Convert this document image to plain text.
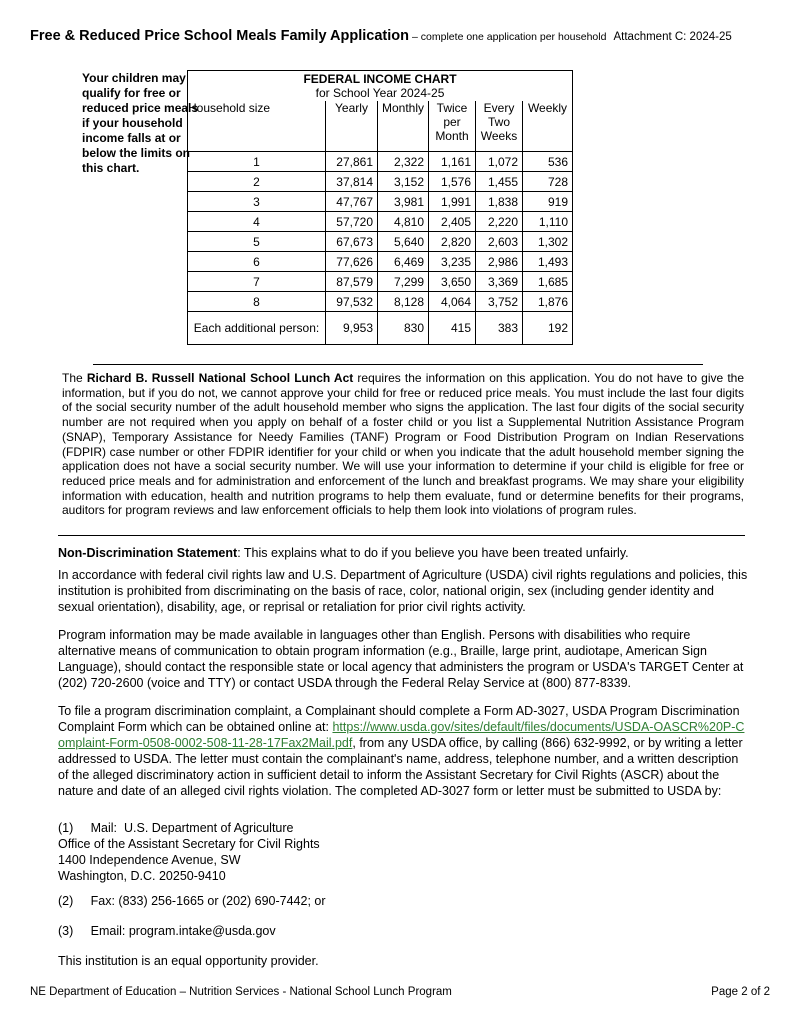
Free & Reduced Price School Meals Family Application – complete one application per household Attachment C: 2024-25
Your children may qualify for free or reduced price meals if your household income falls at or below the limits on this chart.
FEDERAL INCOME CHART
for School Year 2024-25					

Household size	Yearly	Monthly	Twice per Month	Every Two Weeks	Weekly
1	27,861	2,322	1,161	1,072	536
2	37,814	3,152	1,576	1,455	728
3	47,767	3,981	1,991	1,838	919
4	57,720	4,810	2,405	2,220	1,110
5	67,673	5,640	2,820	2,603	1,302
6	77,626	6,469	3,235	2,986	1,493
7	87,579	7,299	3,650	3,369	1,685
8	97,532	8,128	4,064	3,752	1,876
Each additional person:	9,953	830	415	383	192
The Richard B. Russell National School Lunch Act requires the information on this application. You do not have to give the information, but if you do not, we cannot approve your child for free or reduced price meals. You must include the last four digits of the social security number of the adult household member who signs the application. The last four digits of the social security number are not required when you apply on behalf of a foster child or you list a Supplemental Nutrition Assistance Program (SNAP), Temporary Assistance for Needy Families (TANF) Program or Food Distribution Program on Indian Reservations (FDPIR) case number or other FDPIR identifier for your child or when you indicate that the adult household member signing the application does not have a social security number. We will use your information to determine if your child is eligible for free or reduced price meals and for administration and enforcement of the lunch and breakfast programs. We may share your eligibility information with education, health and nutrition programs to help them evaluate, fund or determine benefits for their programs, auditors for program reviews and law enforcement officials to help them look into violations of program rules.
Non-Discrimination Statement: This explains what to do if you believe you have been treated unfairly.
In accordance with federal civil rights law and U.S. Department of Agriculture (USDA) civil rights regulations and policies, this institution is prohibited from discriminating on the basis of race, color, national origin, sex (including gender identity and sexual orientation), disability, age, or reprisal or retaliation for prior civil rights activity.
Program information may be made available in languages other than English. Persons with disabilities who require alternative means of communication to obtain program information (e.g., Braille, large print, audiotape, American Sign Language), should contact the responsible state or local agency that administers the program or USDA's TARGET Center at (202) 720-2600 (voice and TTY) or contact USDA through the Federal Relay Service at (800) 877-8339.
To file a program discrimination complaint, a Complainant should complete a Form AD-3027, USDA Program Discrimination Complaint Form which can be obtained online at: https://www.usda.gov/sites/default/files/documents/USDA-OASCR%20P-Complaint-Form-0508-0002-508-11-28-17Fax2Mail.pdf, from any USDA office, by calling (866) 632-9992, or by writing a letter addressed to USDA. The letter must contain the complainant's name, address, telephone number, and a written description of the alleged discriminatory action in sufficient detail to inform the Assistant Secretary for Civil Rights (ASCR) about the nature and date of an alleged civil rights violation. The completed AD-3027 form or letter must be submitted to USDA by:
(1)     Mail:  U.S. Department of Agriculture
Office of the Assistant Secretary for Civil Rights
1400 Independence Avenue, SW
Washington, D.C. 20250-9410
(2)     Fax: (833) 256-1665 or (202) 690-7442; or
(3)     Email: program.intake@usda.gov
This institution is an equal opportunity provider.
NE Department of Education – Nutrition Services - National School Lunch Program	Page 2 of 2
